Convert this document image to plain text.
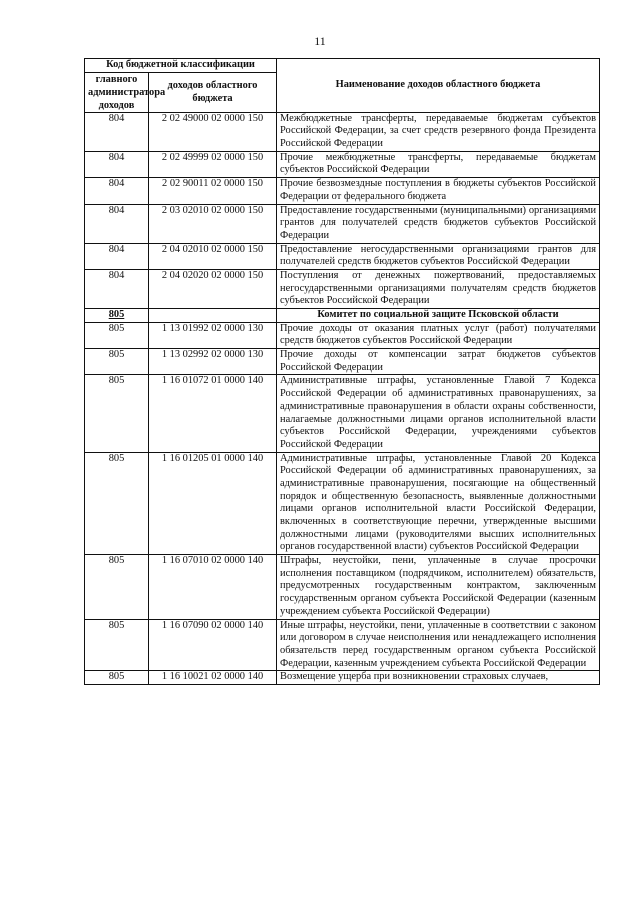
11
Код бюджетной классификации		Наименование доходов областного бюджета
главного администратора доходов	доходов областного бюджета	
804	2 02 49000 02 0000 150	Межбюджетные трансферты, передаваемые бюджетам субъектов Российской Федерации, за счет средств резервного фонда Президента Российской Федерации
804	2 02 49999 02 0000 150	Прочие межбюджетные трансферты, передаваемые бюджетам субъектов Российской Федерации
804	2 02 90011 02 0000 150	Прочие безвозмездные поступления в бюджеты субъектов Российской Федерации от федерального бюджета
804	2 03 02010 02 0000 150	Предоставление государственными (муниципальными) организациями грантов для получателей средств бюджетов субъектов Российской Федерации
804	2 04 02010 02 0000 150	Предоставление негосударственными организациями грантов для получателей средств бюджетов субъектов Российской Федерации
804	2 04 02020 02 0000 150	Поступления от денежных пожертвований, предоставляемых негосударственными организациями получателям средств бюджетов субъектов Российской Федерации
805		Комитет по социальной защите Псковской области
805	1 13 01992 02 0000 130	Прочие доходы от оказания платных услуг (работ) получателями средств бюджетов субъектов Российской Федерации
805	1 13 02992 02 0000 130	Прочие доходы от компенсации затрат бюджетов субъектов Российской Федерации
805	1 16 01072 01 0000 140	Административные штрафы, установленные Главой 7 Кодекса Российской Федерации об административных правонарушениях, за административные правонарушения в области охраны собственности, налагаемые должностными лицами органов исполнительной власти субъектов Российской Федерации, учреждениями субъектов Российской Федерации
805	1 16 01205 01 0000 140	Административные штрафы, установленные Главой 20 Кодекса Российской Федерации об административных правонарушениях, за административные правонарушения, посягающие на общественный порядок и общественную безопасность, выявленные должностными лицами органов исполнительной власти Российской Федерации, включенных в соответствующие перечни, утвержденные высшими должностными лицами (руководителями высших исполнительных органов государственной власти) субъектов Российской Федерации
805	1 16 07010 02 0000 140	Штрафы, неустойки, пени, уплаченные в случае просрочки исполнения поставщиком (подрядчиком, исполнителем) обязательств, предусмотренных государственным контрактом, заключенным государственным органом субъекта Российской Федерации (казенным учреждением субъекта Российской Федерации)
805	1 16 07090 02 0000 140	Иные штрафы, неустойки, пени, уплаченные в соответствии с законом или договором в случае неисполнения или ненадлежащего исполнения обязательств перед государственным органом субъекта Российской Федерации, казенным учреждением субъекта Российской Федерации
805	1 16 10021 02 0000 140	Возмещение ущерба при возникновении страховых случаев,
